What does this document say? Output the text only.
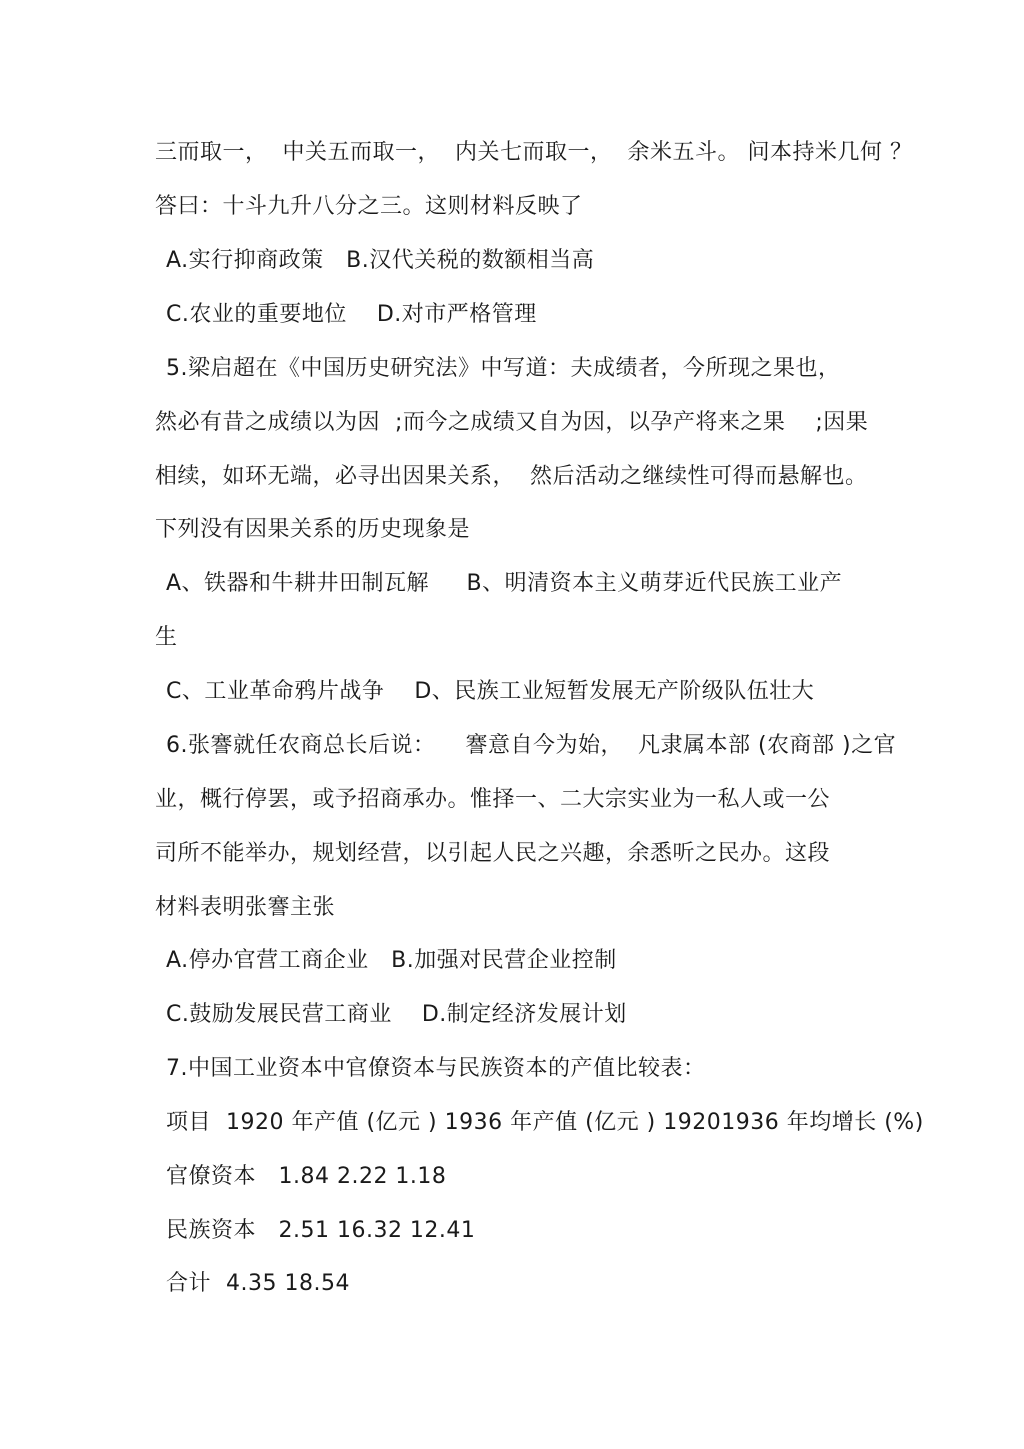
三而取一，  中关五而取一，  内关七而取一，  余米五斗。 问本持米几何 ？
答曰：十斗九升八分之三。这则材料反映了
A.实行抑商政策   B.汉代关税的数额相当高
C.农业的重要地位    D.对市严格管理
5.梁启超在《中国历史研究法》中写道：夫成绩者，今所现之果也，
然必有昔之成绩以为因  ;而今之成绩又自为因，以孕产将来之果    ;因果
相续，如环无端，必寻出因果关系，  然后活动之继续性可得而悬解也。
下列没有因果关系的历史现象是
A、铁器和牛耕井田制瓦解     B、明清资本主义萌芽近代民族工业产
生
C、工业革命鸦片战争    D、民族工业短暂发展无产阶级队伍壮大
6.张謇就任农商总长后说：    謇意自今为始，  凡隶属本部 (农商部 )之官
业，概行停罢，或予招商承办。惟择一、二大宗实业为一私人或一公
司所不能举办，规划经营，以引起人民之兴趣，余悉听之民办。这段
材料表明张謇主张
A.停办官营工商企业   B.加强对民营企业控制
C.鼓励发展民营工商业    D.制定经济发展计划
7.中国工业资本中官僚资本与民族资本的产值比较表：
项目  1920 年产值 (亿元 ) 1936 年产值 (亿元 ) 19201936 年均增长 (%)
官僚资本   1.84 2.22 1.18
民族资本   2.51 16.32 12.41
合计  4.35 18.54
